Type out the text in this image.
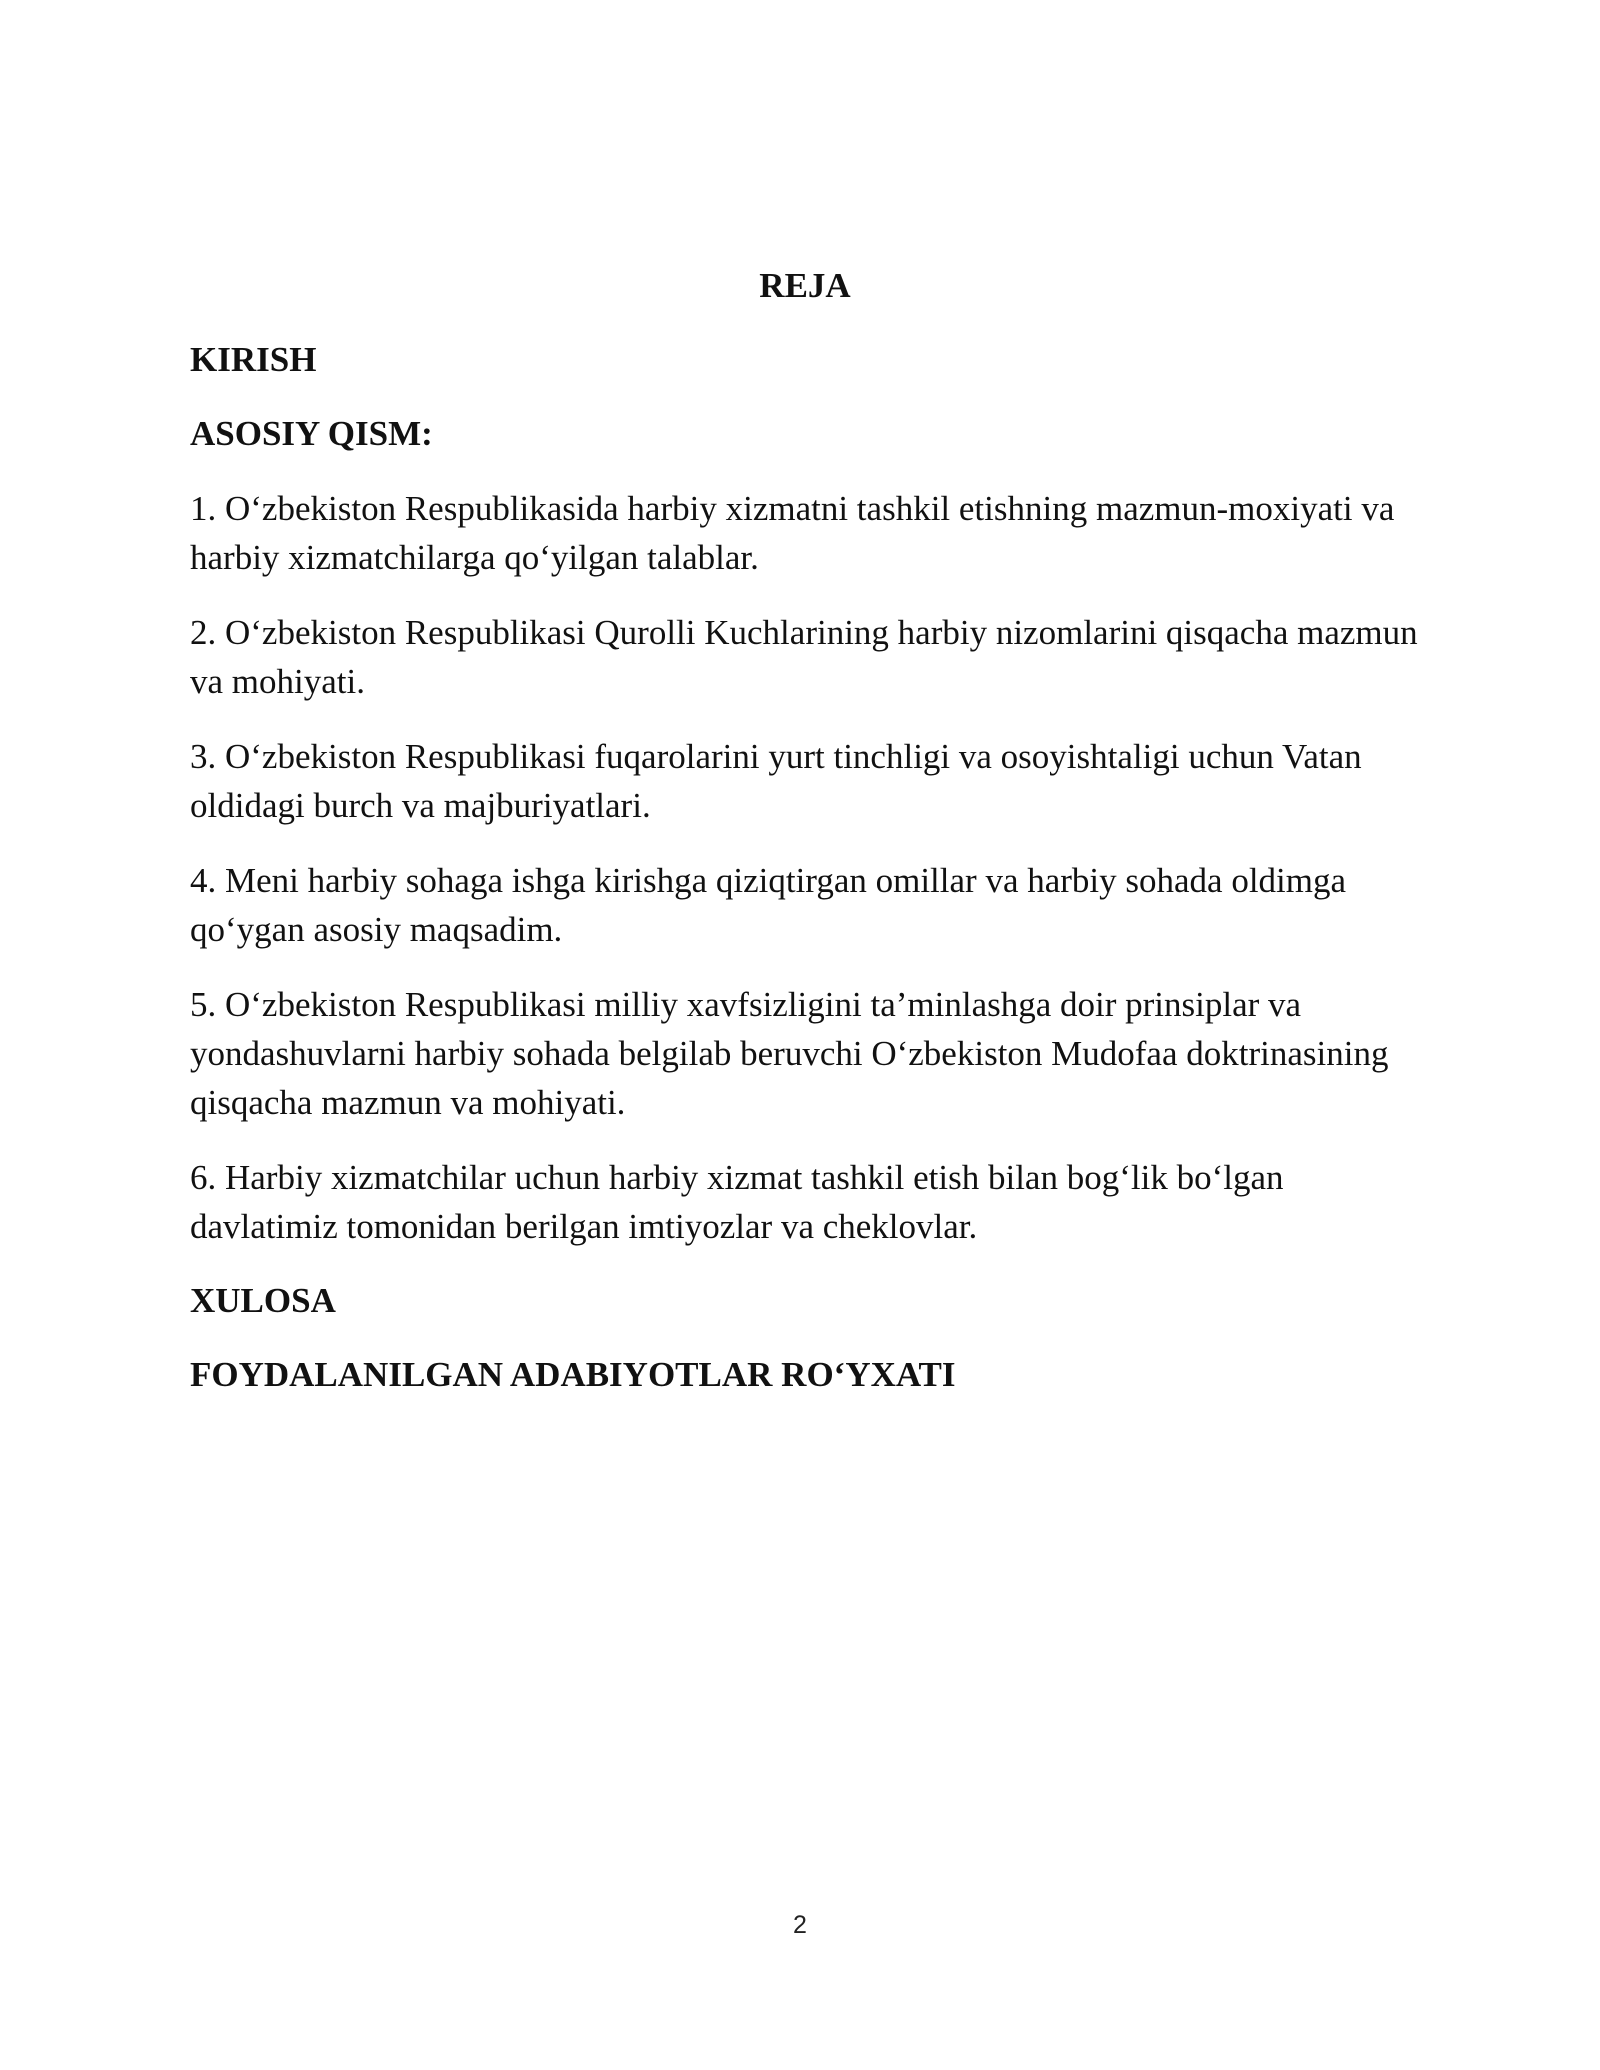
REJA
KIRISH
ASOSIY QISM:
1. O‘zbekiston Respublikasida harbiy xizmatni tashkil etishning mazmun-moxiyati va harbiy xizmatchilarga qo‘yilgan talablar.
2. O‘zbekiston Respublikasi Qurolli Kuchlarining harbiy nizomlarini qisqacha mazmun va mohiyati.
3. O‘zbekiston Respublikasi fuqarolarini yurt tinchligi va osoyishtaligi uchun Vatan oldidagi burch va majburiyatlari.
4. Meni harbiy sohaga ishga kirishga qiziqtirgan omillar va harbiy sohada oldimga qo‘ygan asosiy maqsadim.
5. O‘zbekiston Respublikasi milliy xavfsizligini ta’minlashga doir prinsiplar va yondashuvlarni harbiy sohada belgilab beruvchi O‘zbekiston Mudofaa doktrinasining qisqacha mazmun va mohiyati.
6. Harbiy xizmatchilar uchun harbiy xizmat tashkil etish bilan bog‘lik bo‘lgan davlatimiz tomonidan berilgan imtiyozlar va cheklovlar.
XULOSA
FOYDALANILGAN ADABIYOTLAR RO‘YXATI
2
